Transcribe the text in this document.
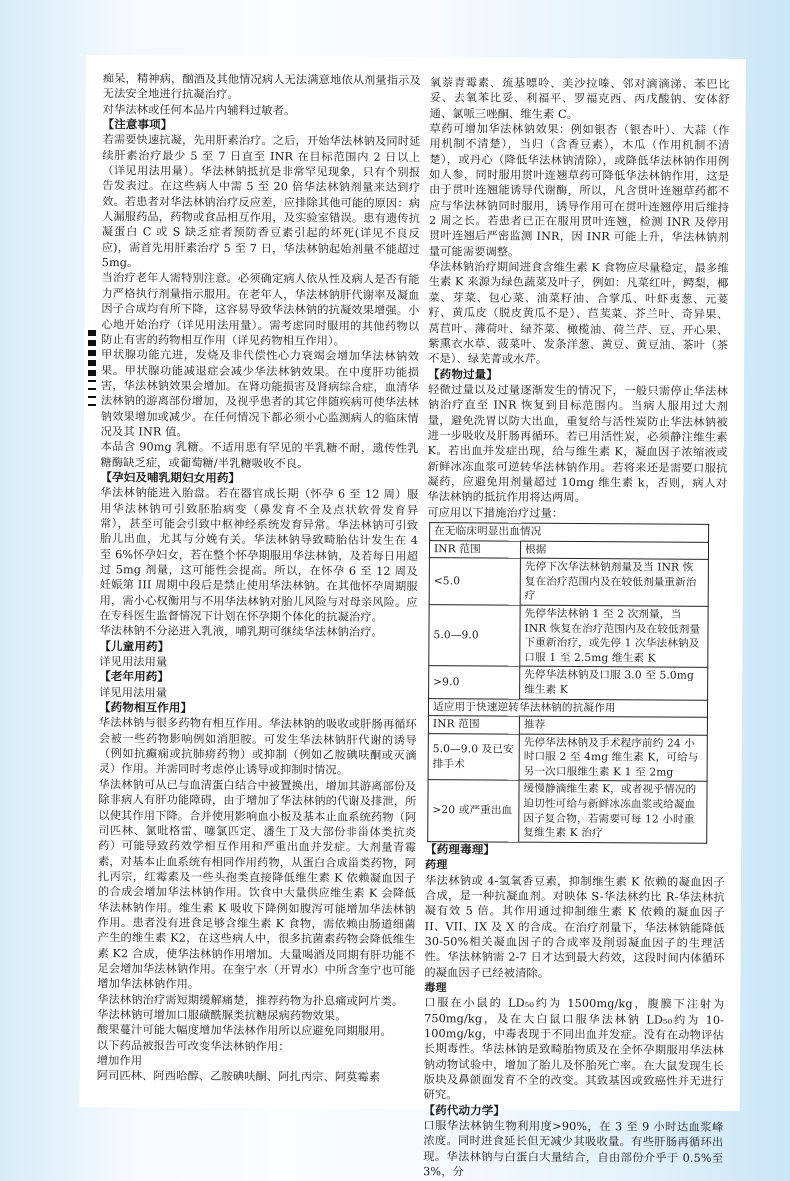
痴呆，精神病，酗酒及其他情况病人无法满意地依从剂量指示及无法安全地进行抗凝治疗。

对华法林或任何本品片内辅料过敏者。

【注意事项】

若需要快速抗凝，先用肝素治疗。之后，开始华法林钠及同时延续肝素治疗最少 5 至 7 日直至 INR 在目标范围内 2 日以上（详见用法用量）。华法林钠抵抗是非常罕见现象，只有个别报告发表过。在这些病人中需 5 至 20 倍华法林钠剂量来达到疗效。若患者对华法林钠治疗反应差，应排除其他可能的原因：病人漏服药品，药物或食品相互作用，及实验室错误。患有遗传抗凝蛋白 C 或 S 缺乏症者预防香豆素引起的坏死(详见不良反应)，需首先用肝素治疗 5 至 7 日，华法林钠起始剂量不能超过 5mg。

当治疗老年人需特别注意。必须确定病人依从性及病人是否有能力严格执行剂量指示服用。在老年人，华法林钠肝代谢率及凝血因子合成均有所下降，这容易导致华法林钠的抗凝效果增强。小心地开始治疗（详见用法用量）。需考虑同时服用的其他药物以防止有害的药物相互作用（详见药物相互作用）。

甲状腺功能亢进，发烧及非代偿性心力衰竭会增加华法林钠效果。甲状腺功能减退症会减少华法林钠效果。在中度肝功能损害，华法林钠效果会增加。在肾功能损害及肾病综合症，血清华法林钠的游离部份增加，及视乎患者的其它伴随疾病可使华法林钠效果增加或减少。在任何情况下都必须小心监测病人的临床情况及其 INR 值。

本品含 90mg 乳糖。不适用患有罕见的半乳糖不耐，遗传性乳糖酶缺乏症，或葡萄糖/半乳糖吸收不良。

【孕妇及哺乳期妇女用药】

华法林钠能进入胎盘。若在器官成长期（怀孕 6 至 12 周）服用华法林钠可引致胚胎病变（鼻发育不全及点状软骨发育异常），甚至可能会引致中枢神经系统发育异常。华法林钠可引致胎儿出血，尤其与分娩有关。华法林钠导致畸胎估计发生在 4 至 6%怀孕妇女，若在整个怀孕期服用华法林钠，及若每日用超过 5mg 剂量，这可能性会提高。所以，在怀孕 6 至 12 周及妊娠第 III 周期中段后是禁止使用华法林钠。在其他怀孕周期服用，需小心权衡用与不用华法林钠对胎儿风险与对母亲风险。应在专科医生监督情况下计划在怀孕期个体化的抗凝治疗。

华法林钠不分泌进入乳液，哺乳期可继续华法林钠治疗。

【儿童用药】

详见用法用量

【老年用药】

详见用法用量

【药物相互作用】

华法林钠与很多药物有相互作用。华法林钠的吸收或肝肠再循环会被一些药物影响例如消胆胺。可发生华法林钠肝代谢的诱导（例如抗癫痫或抗肺痨药物）或抑制（例如乙胺碘呋酮或灭滴灵）作用。并需同时考虑停止诱导或抑制时情况。

华法林钠可从已与血清蛋白结合中被置换出，增加其游离部份及除非病人有肝功能障碍，由于增加了华法林钠的代谢及排泄，所以使其作用下降。合并使用影响血小板及基本止血系统药物（阿司匹林、氯吡格雷、噻氯匹定、潘生丁及大部份非甾体类抗炎药）可能导致药效学相互作用和严重出血并发症。大剂量青霉素，对基本止血系统有相同作用药物，从蛋白合成甾类药物，阿扎丙宗，红霉素及一些头孢类直接降低维生素 K 依赖凝血因子的合成会增加华法林钠作用。饮食中大量供应维生素 K 会降低华法林钠作用。维生素 K 吸收下降例如腹泻可能增加华法林钠作用。患者没有进食足够含维生素 K 食物，需依赖由肠道细菌产生的维生素 K2，在这些病人中，很多抗菌素药物会降低维生素 K2 合成，使华法林钠作用增加。大量喝酒及同期有肝功能不足会增加华法林钠作用。在奎宁水（开胃水）中所含奎宁也可能增加华法林钠作用。

华法林钠治疗需短期缓解痛楚，推荐药物为扑息痛或阿片类。

华法林钠可增加口服磺酰脲类抗糖尿病药物效果。

酸果蔓汁可能大幅度增加华法林作用所以应避免同期服用。

以下药品被报告可改变华法林钠作用：

增加作用

阿司匹林、阿西哈醇、乙胺碘呋酮、阿扎丙宗、阿莫霉素

氧萘青霉素、巯基嘌呤、美沙拉嗪、邻对滴滴涕、苯巴比妥、去氧苯比妥、利福平、罗福克西、丙戊酸钠、安体舒通、氯哌三唑酮、维生素 C。

草药可增加华法林钠效果：例如银杏（银杏叶）、大蒜（作用机制不清楚），当归（含香豆素），木瓜（作用机制不清楚），或丹心（降低华法林钠清除），或降低华法林钠作用例如人参，同时服用贯叶连翘草药可降低华法林钠作用，这是由于贯叶连翘能诱导代谢酶，所以，凡含贯叶连翘草药都不应与华法林钠同时服用，诱导作用可在贯叶连翘停用后维持 2 周之长。若患者已正在服用贯叶连翘，检测 INR 及停用贯叶连翘后严密监测 INR，因 INR 可能上升，华法林钠剂量可能需要调整。

华法林钠治疗期间进食含维生素 K 食物应尽量稳定，最多维生素 K 来源为绿色蔬菜及叶子，例如：凡菜红叶，鳄梨，椰菜、芽菜、包心菜、油菜籽油、合掌瓜、叶虾夷葱、元荽籽、黄瓜皮（脱皮黄瓜不是）、苣荬菜、芥兰叶、奇异果、莴苣叶、薄荷叶、绿芥菜、橄榄油、荷兰芹、豆、开心果、紫熏衣水草、菠菜叶、发条洋葱、黄豆、黄豆油、茶叶（茶不是）、绿芜菁或水芹。

【药物过量】

轻微过量以及过量逐渐发生的情况下，一般只需停止华法林钠治疗直至 INR 恢复到目标范围内。当病人服用过大剂量，避免洗胃以防大出血，重复给与活性炭防止华法林钠被进一步吸收及肝肠再循环。若已用活性炭，必须静注维生素 K。若出血并发症出现，给与维生素 K，凝血因子浓缩液或新鲜冰冻血浆可逆转华法林钠作用。若将来还是需要口服抗凝药，应避免用剂量超过 10mg 维生素 k，否则，病人对华法林钠的抵抗作用将达两周。

可应用以下措施治疗过量：

在无临床明显出血情况	
INR 范围	根据
<5.0	先停下次华法林钠剂量及当 INR 恢复在治疗范围内及在较低剂量重新治疗
5.0—9.0	先停华法林钠 1 至 2 次剂量，当 INR 恢复在治疗范围内及在较低剂量下重新治疗，或先停 1 次华法林钠及口服 1 至 2.5mg 维生素 K
>9.0	先停华法林钠及口服 3.0 至 5.0mg 维生素 K
适应用于快速逆转华法林钠的抗凝作用	
INR 范围	推荐
5.0—9.0 及已安排手术	先停华法林钠及手术程序前约 24 小时口服 2 至 4mg 维生素 K，可给与另一次口服维生素 K 1 至 2mg
>20 或严重出血	缓慢静滴维生素 K，或者视乎情况的迫切性可给与新鲜冰冻血浆或给凝血因子复合物，若需要可每 12 小时重复维生素 K 治疗

【药理毒理】

药理

华法林钠或 4-氢氧香豆素，抑制维生素 K 依赖的凝血因子合成，是一种抗凝血剂。对映体 S-华法林约比 R-华法林抗凝有效 5 倍。其作用通过抑制维生素 K 依赖的凝血因子 II、VII、IX 及 X 的合成。在治疗剂量下，华法林钠能降低 30-50%相关凝血因子的合成率及削弱凝血因子的生理活性。华法林钠需 2-7 日才达到最大药效，这段时间内体循环的凝血因子已经被清除。

毒理

口服在小鼠的 LD₅₀约为 1500mg/kg，腹膜下注射为 750mg/kg，及在大白鼠口服华法林钠 LD₅₀约为 10-100mg/kg，中毒表现于不同出血并发症。没有在动物评估长期毒性。华法林钠是致畸胎物质及在全怀孕期服用华法林钠动物试验中，增加了胎儿及怀胎死亡率。在大鼠发现生长版块及鼻颌面发育不全的改变。其致基因或致癌性并无进行研究。

【药代动力学】

口服华法林钠生物利用度>90%，在 3 至 9 小时达血浆峰浓度。同时进食延长但无减少其吸收量。有些肝肠再循环出现。华法林钠与白蛋白大量结合，自由部份介乎于 0.5%至 3%，分
